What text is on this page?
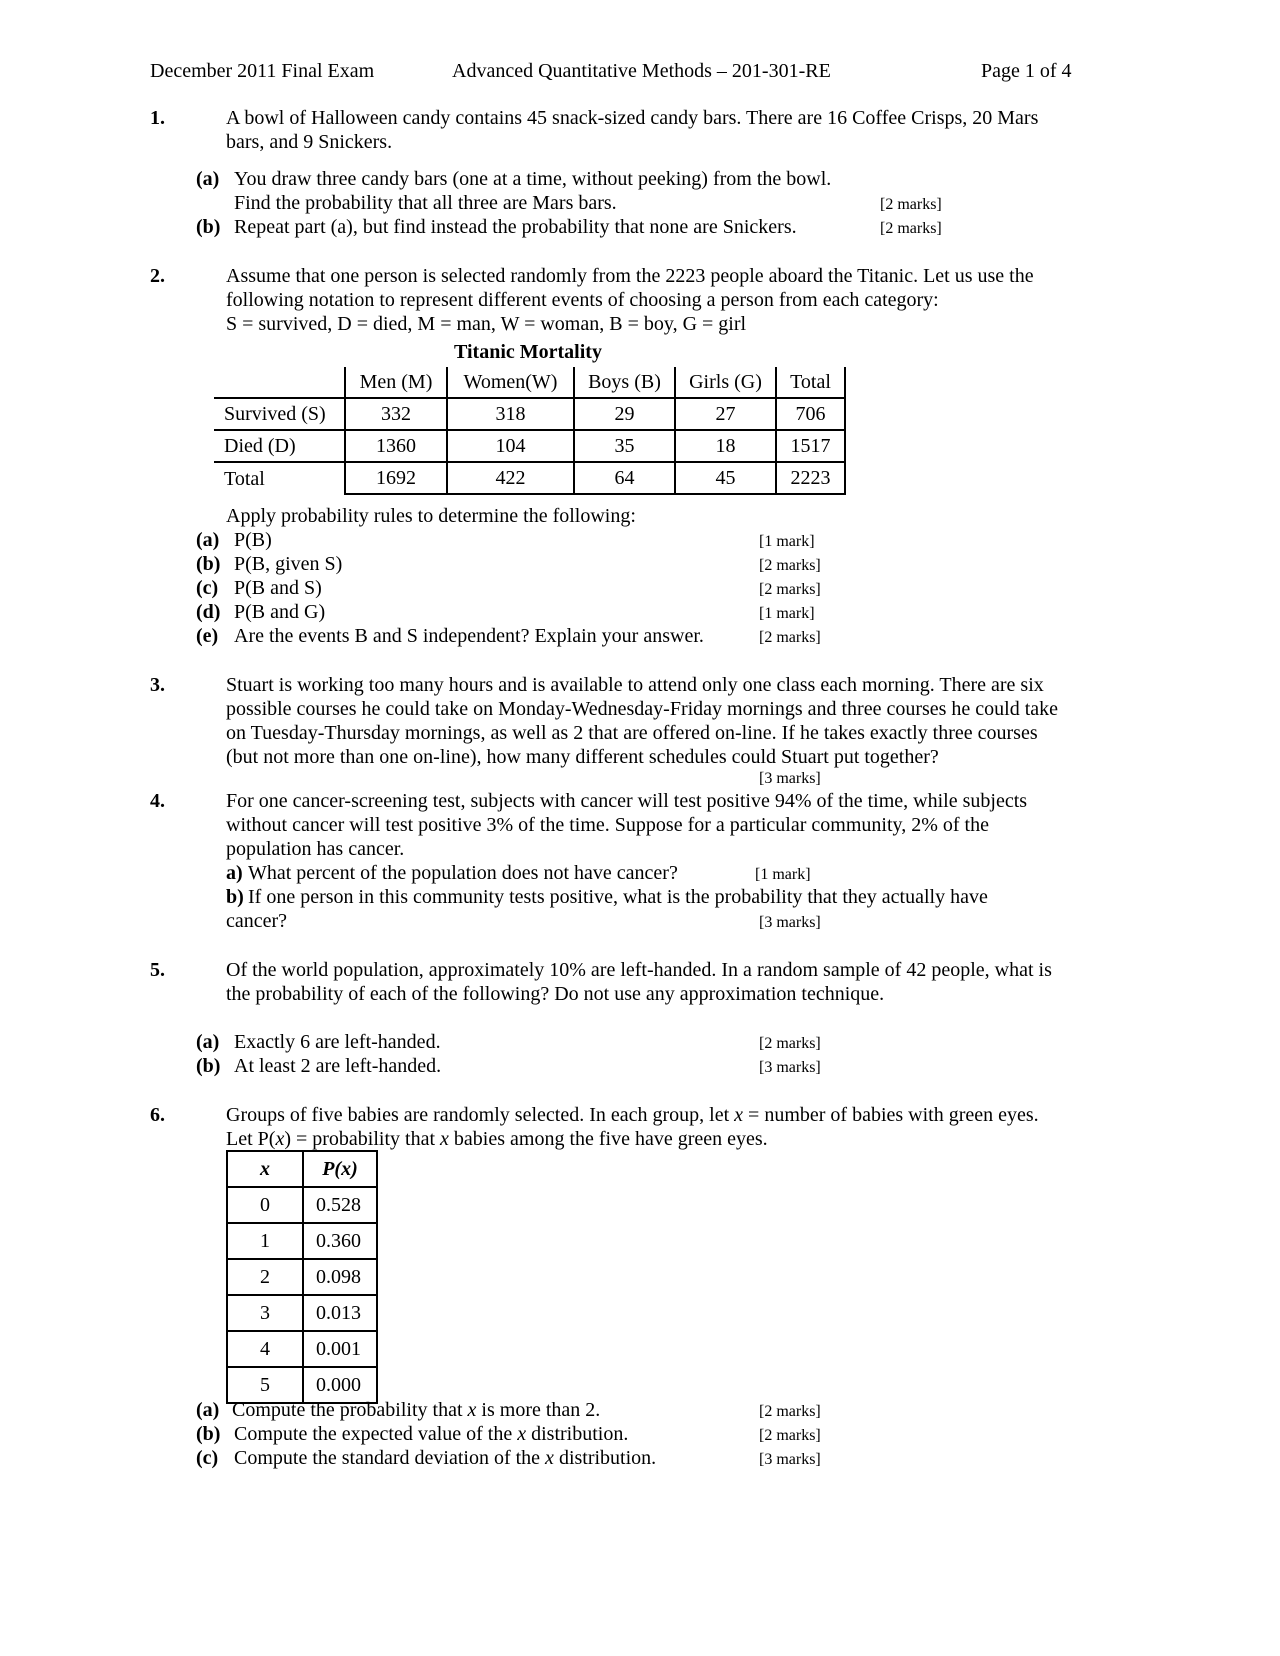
December 2011 Final Exam	Advanced Quantitative Methods – 201-301-RE	Page 1 of 4
1.	A bowl of Halloween candy contains 45 snack-sized candy bars. There are 16 Coffee Crisps, 20 Mars
bars, and 9 Snickers.
(a) You draw three candy bars (one at a time, without peeking) from the bowl.
Find the probability that all three are Mars bars.	[2 marks]
(b) Repeat part (a), but find instead the probability that none are Snickers.	[2 marks]
2.	Assume that one person is selected randomly from the 2223 people aboard the Titanic. Let us use the
following notation to represent different events of choosing a person from each category:
S = survived, D = died, M = man, W = woman, B = boy, G = girl
Titanic Mortality
	Men (M)	Women(W)	Boys (B)	Girls (G)	Total
Survived (S)	332	318	29	27	706
Died (D)	1360	104	35	18	1517
Total	1692	422	64	45	2223
Apply probability rules to determine the following:
(a) P(B)	[1 mark]
(b) P(B, given S)	[2 marks]
(c) P(B and S)	[2 marks]
(d) P(B and G)	[1 mark]
(e) Are the events B and S independent? Explain your answer.	[2 marks]
3.	Stuart is working too many hours and is available to attend only one class each morning. There are six
possible courses he could take on Monday-Wednesday-Friday mornings and three courses he could take
on Tuesday-Thursday mornings, as well as 2 that are offered on-line. If he takes exactly three courses
(but not more than one on-line), how many different schedules could Stuart put together?
[3 marks]
4.	For one cancer-screening test, subjects with cancer will test positive 94% of the time, while subjects
without cancer will test positive 3% of the time. Suppose for a particular community, 2% of the
population has cancer.
a) What percent of the population does not have cancer?	[1 mark]
b) If one person in this community tests positive, what is the probability that they actually have
cancer?	[3 marks]
5.	Of the world population, approximately 10% are left-handed. In a random sample of 42 people, what is
the probability of each of the following? Do not use any approximation technique.
(a) Exactly 6 are left-handed.	[2 marks]
(b) At least 2 are left-handed.	[3 marks]
6.	Groups of five babies are randomly selected. In each group, let x = number of babies with green eyes.
Let P(x) = probability that x babies among the five have green eyes.
x	P(x)
0	0.528
1	0.360
2	0.098
3	0.013
4	0.001
5	0.000
(a) Compute the probability that x is more than 2.	[2 marks]
(b) Compute the expected value of the x distribution.	[2 marks]
(c) Compute the standard deviation of the x distribution.	[3 marks]
